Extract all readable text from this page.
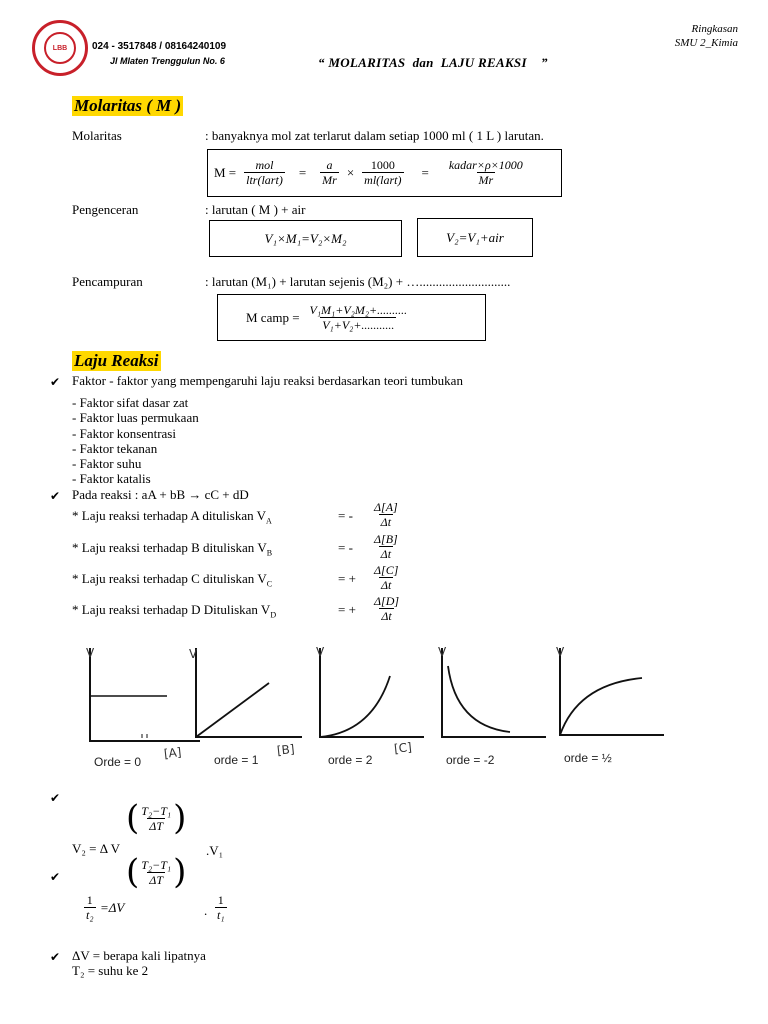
LBB 024 - 3517848 / 08164240109
Jl Mlaten Trenggulun No. 6
Ringkasan
SMU 2_Kimia
“ MOLARITAS  dan  LAJU REAKSI    ”
Molaritas ( M )
Molaritas	: banyaknya mol zat terlarut dalam setiap 1000 ml ( 1 L ) larutan.
$M = \frac{\text{mol}}{\text{ltr(lart)}} = \frac{a}{Mr} \times \frac{1000}{\text{ml(lart)}} = \frac{\text{kadar×ρ×1000}}{Mr}$
Pengenceran	: larutan ( M ) + air
V₁×M₁=V₂×M₂	V₂=V₁+air
Pencampuran	: larutan (M₁) + larutan sejenis (M₂) + …............................
M camp = $\frac{\text{V₁M₁+V₂M₂+..........}}{\text{V₁+V₂+...........}}$
Laju Reaksi
✔ Faktor - faktor yang mempengaruhi laju reaksi berdasarkan teori tumbukan
- Faktor sifat dasar zat
- Faktor luas permukaan
- Faktor konsentrasi
- Faktor tekanan
- Faktor suhu
- Faktor katalis
✔ Pada reaksi : aA + bB → cC + dD
* Laju reaksi terhadap A dituliskan $V_A$	= - $\frac{\Delta[A]}{\Delta t}$
* Laju reaksi terhadap B dituliskan $V_B$	= - $\frac{\Delta[B]}{\Delta t}$
* Laju reaksi terhadap C dituliskan $V_C$	= + $\frac{\Delta[C]}{\Delta t}$
* Laju reaksi terhadap D Dituliskan $V_D$	= + $\frac{\Delta[D]}{\Delta t}$
V
Orde = 0
[A]
V
orde = 1
[B]
V
orde = 2
[C]
V
orde = -2
V
orde = ½
✔ ( $\frac{\text{T₂−T₁}}{\Delta T}$ )
V₂ = Δ V	.V₁
✔ ( $\frac{\text{T₂−T₁}}{\Delta T}$ )
$\frac{1}{\text{t₂}} =\Delta V$	. $\frac{1}{\text{t₁}}$
✔ ΔV = berapa kali lipatnya
T₂ = suhu ke 2
